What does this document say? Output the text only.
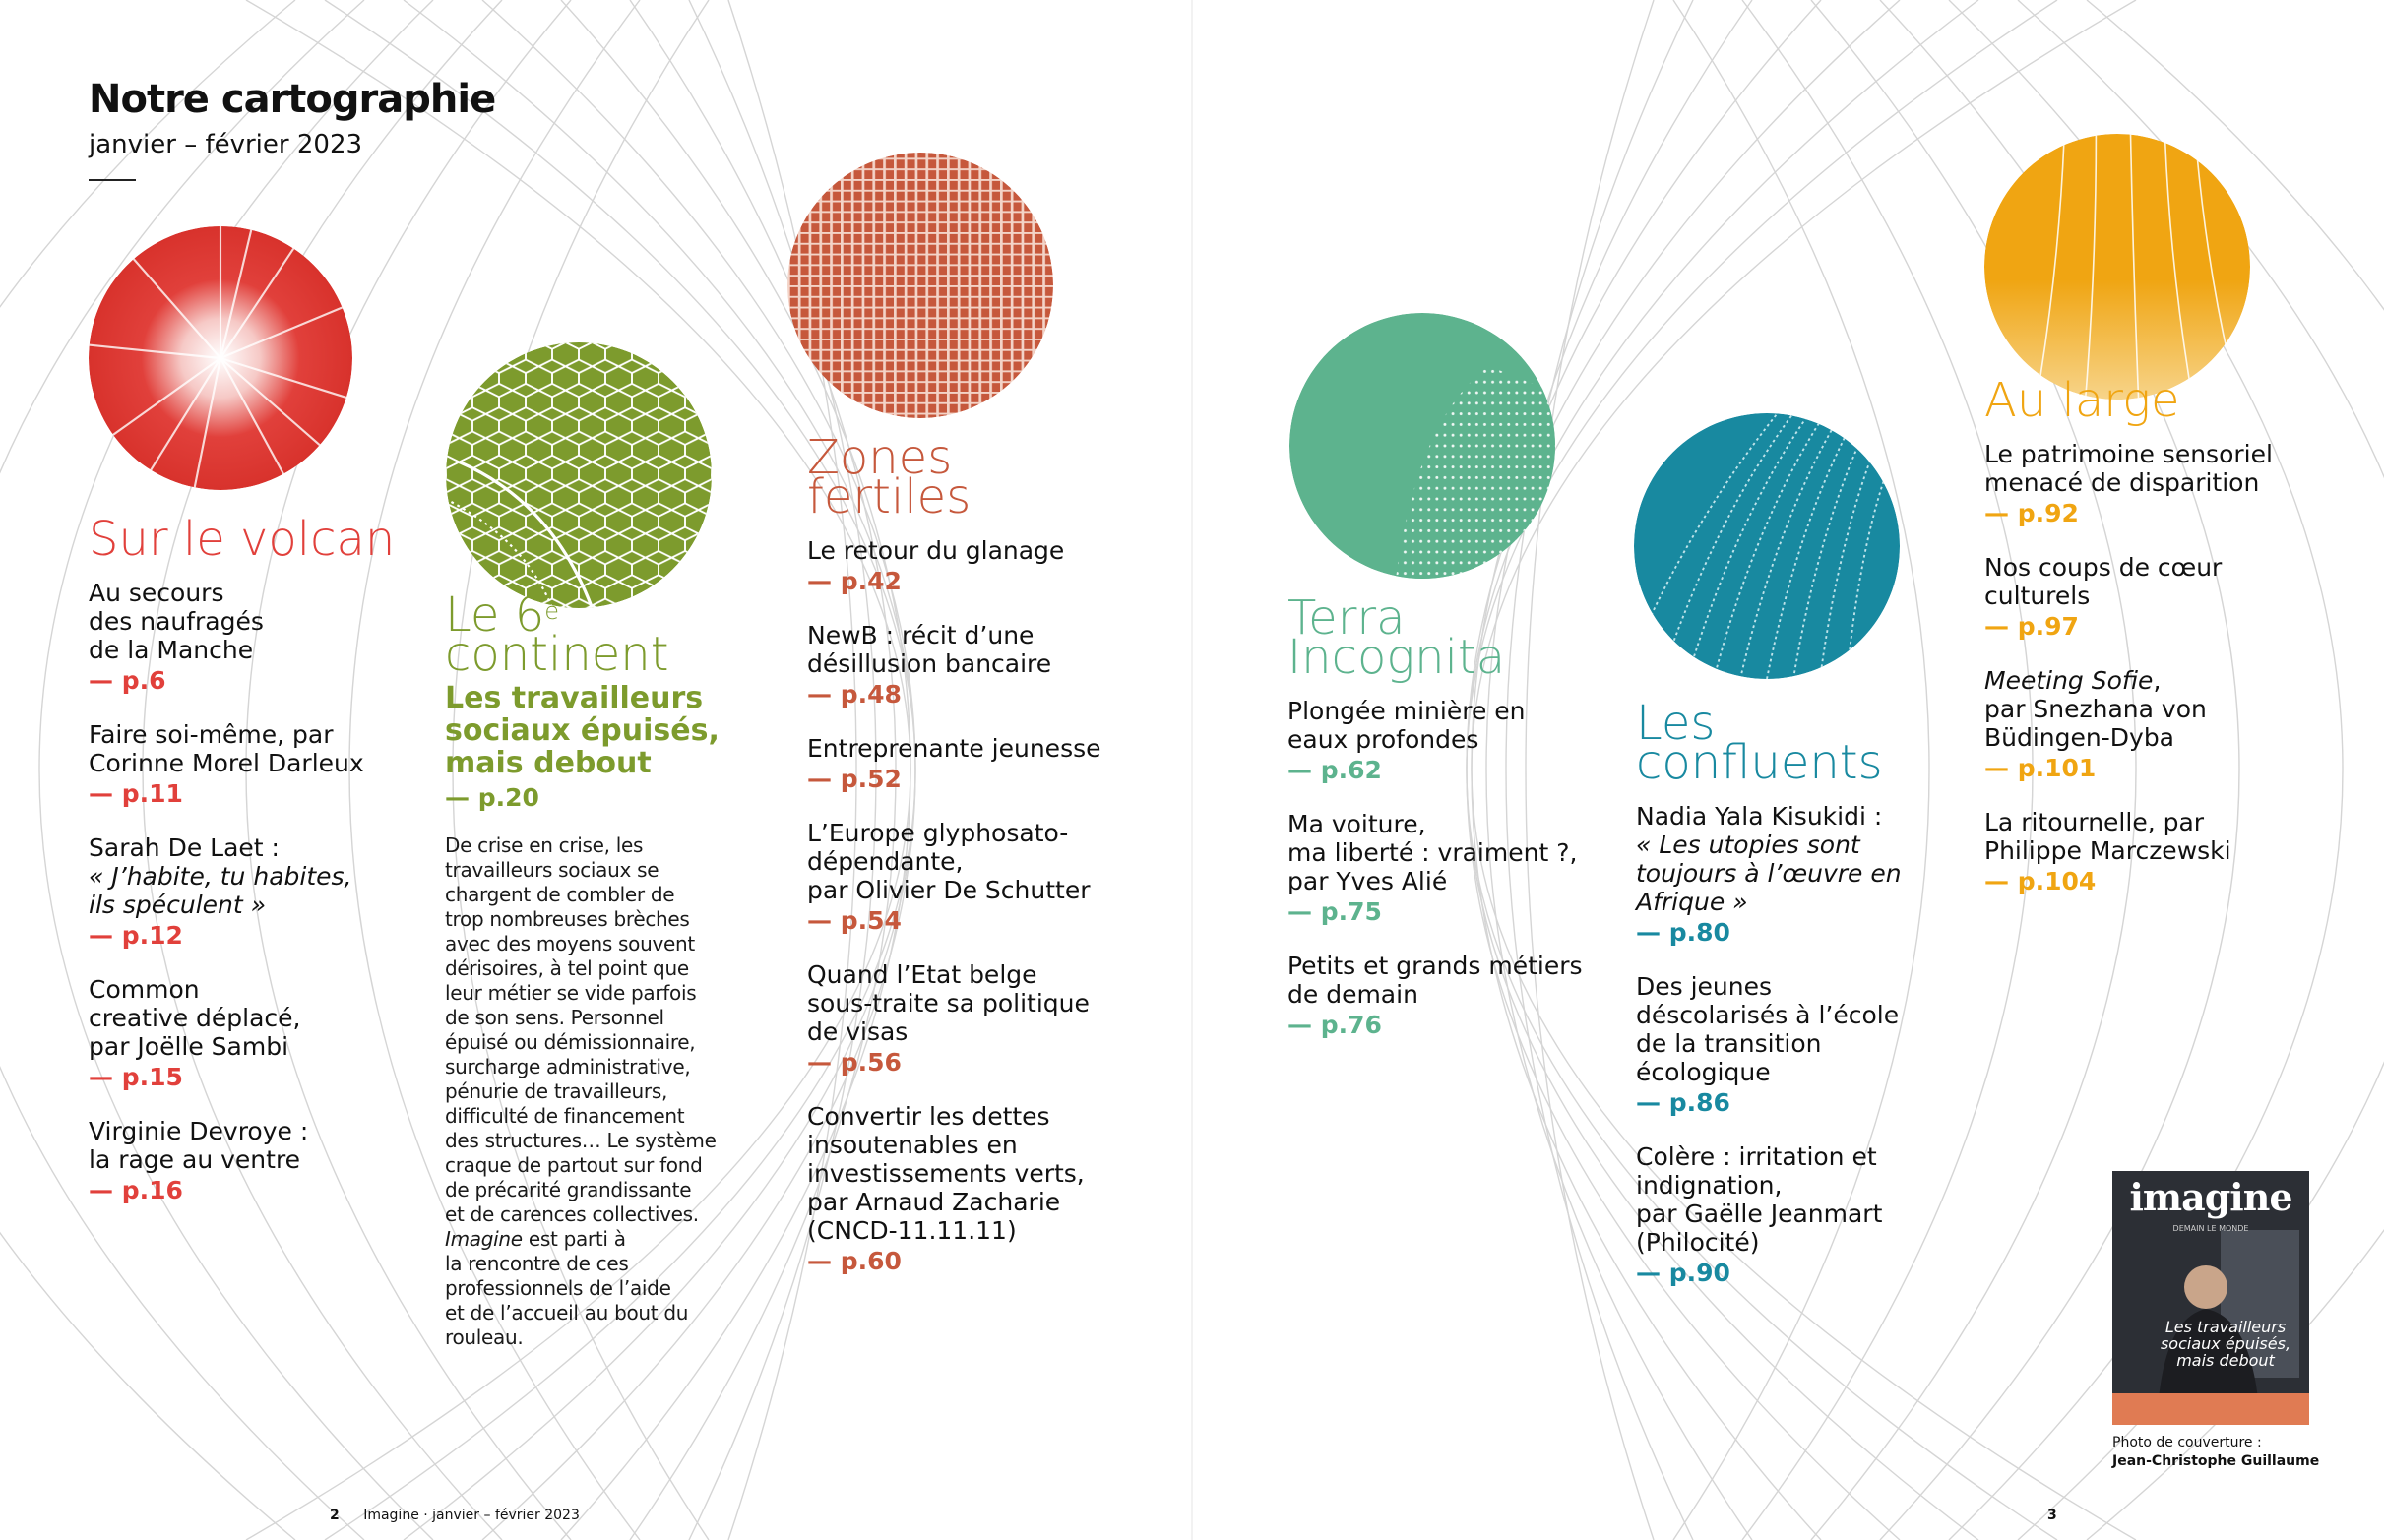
Notre cartographie
janvier – février 2023
Sur le volcan
Au secours
des naufragés
de la Manche
— p.6
Faire soi-même, par
Corinne Morel Darleux
— p.11
Sarah De Laet :
« J’habite, tu habites,
ils spéculent »
— p.12
Common
creative déplacé,
par Joëlle Sambi
— p.15
Virginie Devroye :
la rage au ventre
— p.16
Le 6e
continent
Les travailleurs
sociaux épuisés,
mais debout
— p.20
De crise en crise, les
travailleurs sociaux se
chargent de combler de
trop nombreuses brèches
avec des moyens souvent
dérisoires, à tel point que
leur métier se vide parfois
de son sens. Personnel
épuisé ou démissionnaire,
surcharge administrative,
pénurie de travailleurs,
difficulté de financement
des structures… Le système
craque de partout sur fond
de précarité grandissante
et de carences collectives.
Imagine est parti à
la rencontre de ces
professionnels de l’aide
et de l’accueil au bout du
rouleau.
Zones fertiles
Le retour du glanage
— p.42
NewB : récit d’une
désillusion bancaire
— p.48
Entreprenante jeunesse
— p.52
L’Europe glyphosato-
dépendante,
par Olivier De Schutter
— p.54
Quand l’Etat belge
sous-traite sa politique
de visas
— p.56
Convertir les dettes
insoutenables en
investissements verts,
par Arnaud Zacharie
(CNCD-11.11.11)
— p.60
Terra
Incognita
Plongée minière en
eaux profondes
— p.62
Ma voiture,
ma liberté : vraiment ?,
par Yves Alié
— p.75
Petits et grands métiers
de demain
— p.76
Les
confluents
Nadia Yala Kisukidi :
« Les utopies sont
toujours à l’œuvre en
Afrique »
— p.80
Des jeunes
déscolarisés à l’école
de la transition
écologique
— p.86
Colère : irritation et
indignation,
par Gaëlle Jeanmart
(Philocité)
— p.90
Au large
Le patrimoine sensoriel
menacé de disparition
— p.92
Nos coups de cœur
culturels
— p.97
Meeting Sofie,
par Snezhana von
Büdingen-Dyba
— p.101
La ritournelle, par
Philippe Marczewski
— p.104
imagine
DEMAIN LE MONDE
Les travailleurs
sociaux épuisés,
mais debout
Photo de couverture :
Jean-Christophe Guillaume
2 Imagine · janvier – février 2023	3
